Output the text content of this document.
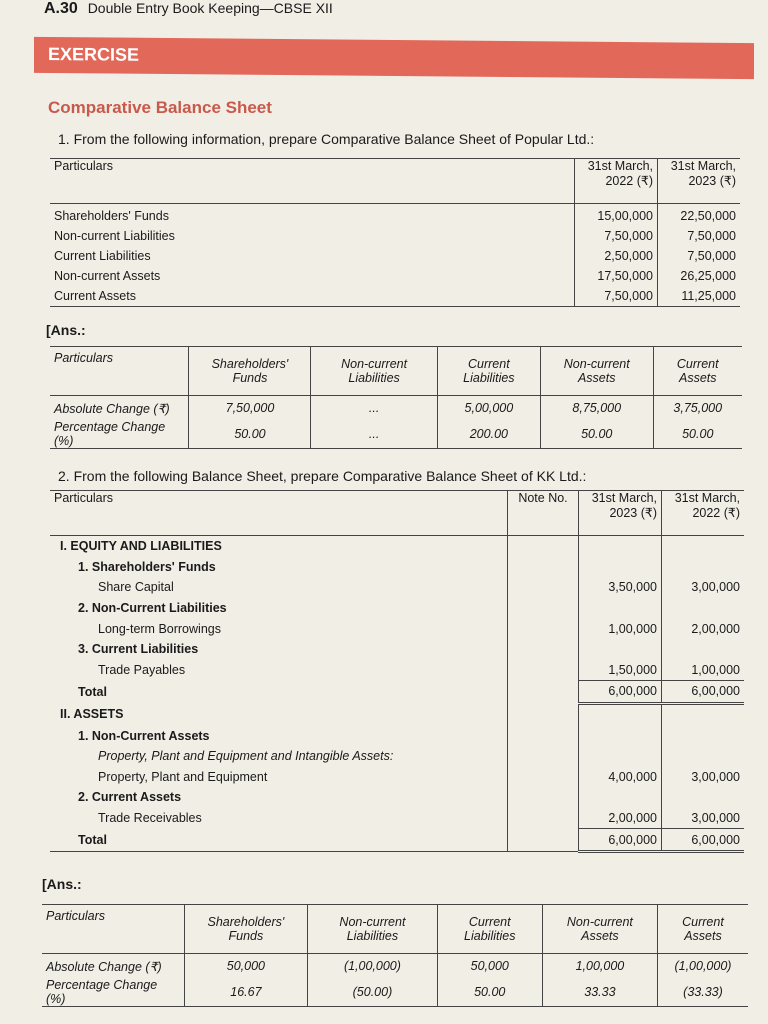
A.30 Double Entry Book Keeping—CBSE XII
EXERCISE
Comparative Balance Sheet
1. From the following information, prepare Comparative Balance Sheet of Popular Ltd.:
Particulars	31st March, 2022 (₹)	31st March, 2023 (₹)
Shareholders' Funds	15,00,000	22,50,000
Non-current Liabilities	7,50,000	7,50,000
Current Liabilities	2,50,000	7,50,000
Non-current Assets	17,50,000	26,25,000
Current Assets	7,50,000	11,25,000
[Ans.:
Particulars	Shareholders' Funds	Non-current Liabilities	Current Liabilities	Non-current Assets	Current Assets
Absolute Change (₹)	7,50,000	...	5,00,000	8,75,000	3,75,000
Percentage Change (%)	50.00	...	200.00	50.00	50.00
2. From the following Balance Sheet, prepare Comparative Balance Sheet of KK Ltd.:
Particulars	Note No.	31st March, 2023 (₹)	31st March, 2022 (₹)
I. EQUITY AND LIABILITIES			
1. Shareholders' Funds			
Share Capital		3,50,000	3,00,000
2. Non-Current Liabilities			
Long-term Borrowings		1,00,000	2,00,000
3. Current Liabilities			
Trade Payables		1,50,000	1,00,000
Total		6,00,000	6,00,000
II. ASSETS			
1. Non-Current Assets			
Property, Plant and Equipment and Intangible Assets:			
Property, Plant and Equipment		4,00,000	3,00,000
2. Current Assets			
Trade Receivables		2,00,000	3,00,000
Total		6,00,000	6,00,000
[Ans.:
Particulars	Shareholders' Funds	Non-current Liabilities	Current Liabilities	Non-current Assets	Current Assets
Absolute Change (₹)	50,000	(1,00,000)	50,000	1,00,000	(1,00,000)
Percentage Change (%)	16.67	(50.00)	50.00	33.33	(33.33)
